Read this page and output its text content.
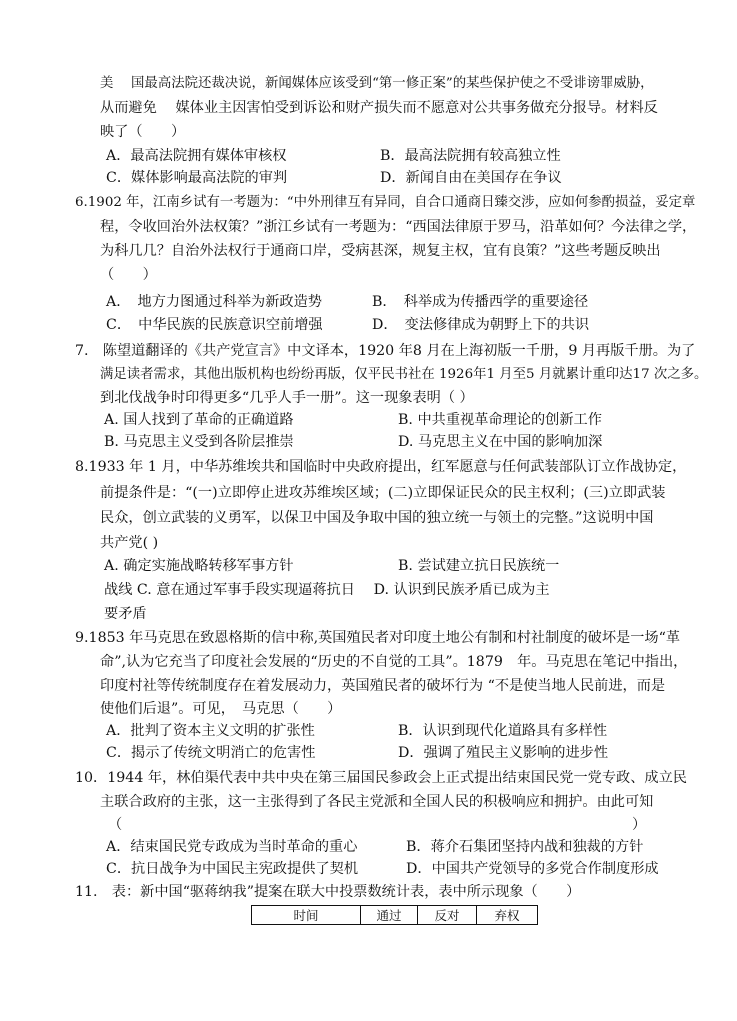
美　 国最高法院还裁决说，新闻媒体应该受到“第一修正案”的某些保护使之不受诽谤罪威胁，
从而避免　 媒体业主因害怕受到诉讼和财产损失而不愿意对公共事务做充分报导。材料反
映了（　　）
A．最高法院拥有媒体审核权	B．最高法院拥有较高独立性
C．媒体影响最高法院的审判	D．新闻自由在美国存在争议
6.1902 年，江南乡试有一考题为：“中外刑律互有异同，自合口通商日臻交涉，应如何参酌损益，妥定章
程，令收回治外法权策？”浙江乡试有一考题为：“西国法律原于罗马，沿革如何？今法律之学，
为科几几？自治外法权行于通商口岸，受病甚深，规复主权，宜有良策？”这些考题反映出
（　　）
A．　地方力图通过科举为新政造势	B．　科举成为传播西学的重要途径
C．　中华民族的民族意识空前增强	D．　变法修律成为朝野上下的共识
7.　陈望道翻译的《共产党宣言》中文译本，1920 年8 月在上海初版一千册，9 月再版千册。为了
满足读者需求，其他出版机构也纷纷再版，仅平民书社在 1926年1 月至5 月就累计重印达17 次之多。
到北伐战争时印得更多“几乎人手一册”。这一现象表明（ ）
A. 国人找到了革命的正确道路	B. 中共重视革命理论的创新工作
B. 马克思主义受到各阶层推崇	D. 马克思主义在中国的影响加深
8.1933 年 1 月，中华苏维埃共和国临时中央政府提出，红军愿意与任何武装部队订立作战协定，
前提条件是：“(一)立即停止进攻苏维埃区域；(二)立即保证民众的民主权利；(三)立即武装
民众，创立武装的义勇军，以保卫中国及争取中国的独立统一与领土的完整。”这说明中国
共产党( )
A. 确定实施战略转移军事方针	B. 尝试建立抗日民族统一
战线 C. 意在通过军事手段实现逼蒋抗日　 D. 认识到民族矛盾已成为主
要矛盾
9.1853 年马克思在致恩格斯的信中称,英国殖民者对印度土地公有制和村社制度的破坏是一场“革
命”,认为它充当了印度社会发展的“历史的不自觉的工具”。1879　年。马克思在笔记中指出，
印度村社等传统制度存在着发展动力，英国殖民者的破坏行为 “不是使当地人民前进，而是
使他们后退”。可见，　马克思（　　）
A．批判了资本主义文明的扩张性	B．认识到现代化道路具有多样性
C．揭示了传统文明消亡的危害性	D．强调了殖民主义影响的进步性
10．1944 年，林伯渠代表中共中央在第三届国民参政会上正式提出结束国民党一党专政、成立民
主联合政府的主张，这一主张得到了各民主党派和全国人民的积极响应和拥护。由此可知
（	）
A．结束国民党专政成为当时革命的重心	B．蒋介石集团坚持内战和独裁的方针
C．抗日战争为中国民主宪政提供了契机	D．中国共产党领导的多党合作制度形成
11.　表：新中国“驱蒋纳我”提案在联大中投票数统计表，表中所示现象（　　）
时间	通过	反对	弃权
